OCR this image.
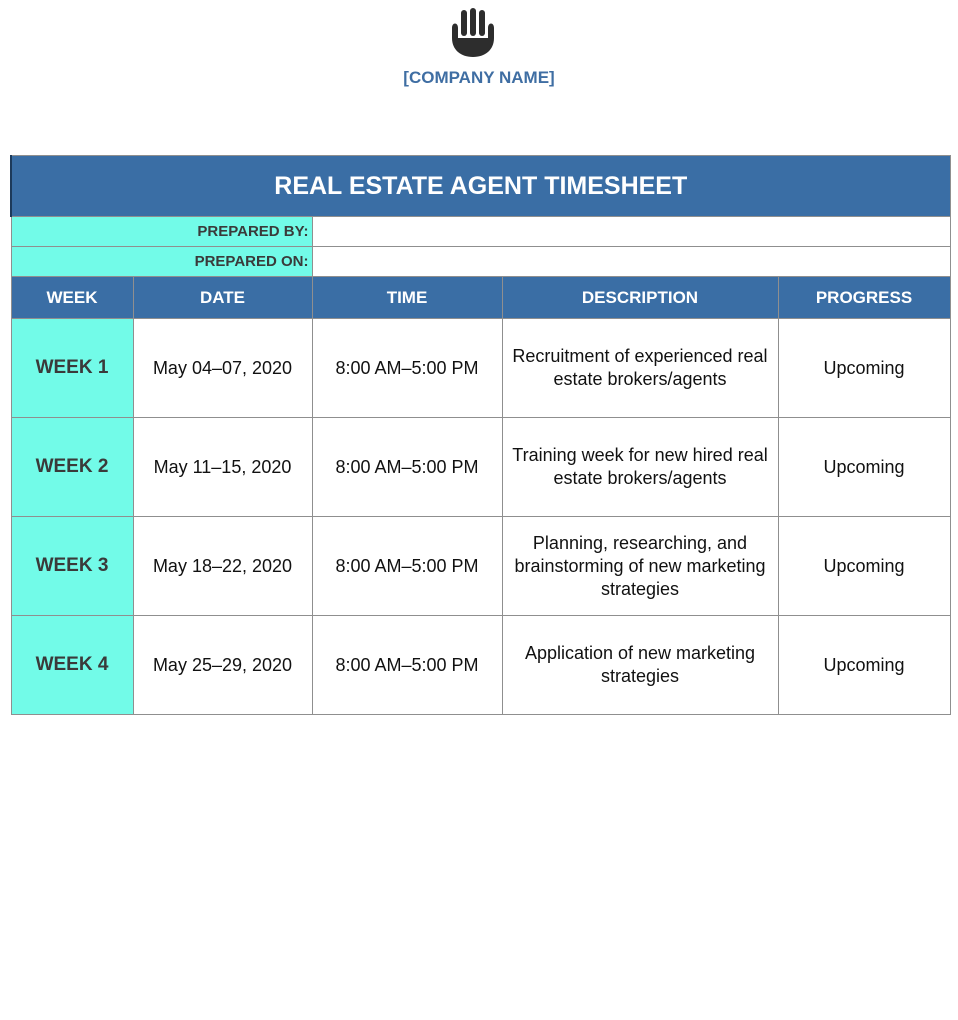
[COMPANY NAME]
REAL ESTATE AGENT TIMESHEET				
PREPARED BY:				
PREPARED ON:				
WEEK	DATE	TIME	DESCRIPTION	PROGRESS
WEEK 1	May 04–07, 2020	8:00 AM–5:00 PM	Recruitment of experienced real estate brokers/agents	Upcoming
WEEK 2	May 11–15, 2020	8:00 AM–5:00 PM	Training week for new hired real estate brokers/agents	Upcoming
WEEK 3	May 18–22, 2020	8:00 AM–5:00 PM	Planning, researching, and brainstorming of new marketing strategies	Upcoming
WEEK 4	May 25–29, 2020	8:00 AM–5:00 PM	Application of new marketing strategies	Upcoming
